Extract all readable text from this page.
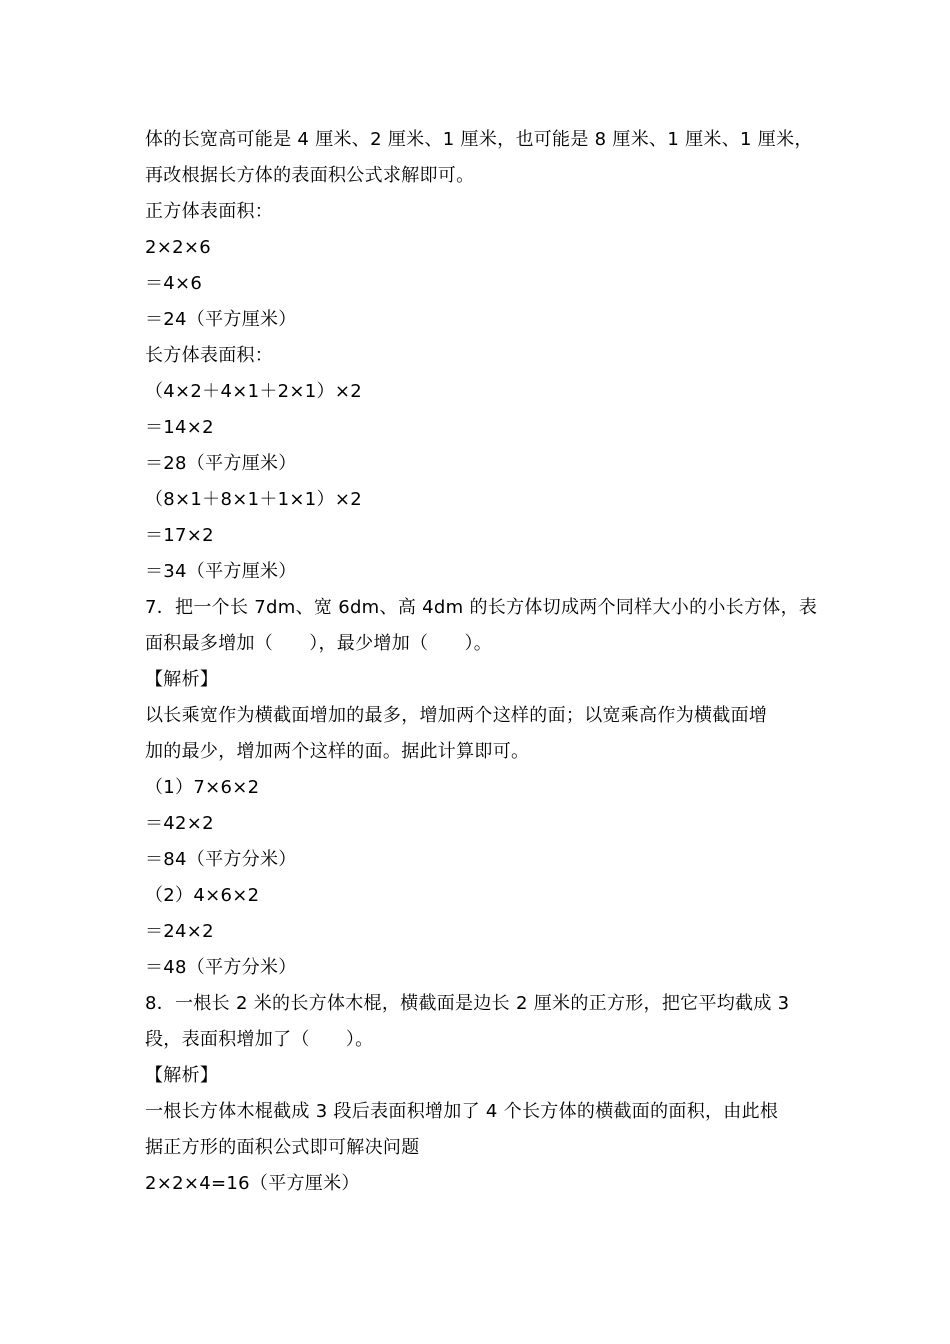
体的长宽高可能是 4 厘米、2 厘米、1 厘米，也可能是 8 厘米、1 厘米、1 厘米，
再改根据长方体的表面积公式求解即可。
正方体表面积：
2×2×6
＝4×6
＝24（平方厘米）
长方体表面积：
（4×2＋4×1＋2×1）×2
＝14×2
＝28（平方厘米）
（8×1＋8×1＋1×1）×2
＝17×2
＝34（平方厘米）
7．把一个长 7dm、宽 6dm、高 4dm 的长方体切成两个同样大小的小长方体，表
面积最多增加（      ），最少增加（      ）。
【解析】
以长乘宽作为横截面增加的最多，增加两个这样的面；以宽乘高作为横截面增
加的最少，增加两个这样的面。据此计算即可。
（1）7×6×2
＝42×2
＝84（平方分米）
（2）4×6×2
＝24×2
＝48（平方分米）
8．一根长 2 米的长方体木棍，横截面是边长 2 厘米的正方形，把它平均截成 3
段，表面积增加了（      ）。
【解析】
一根长方体木棍截成 3 段后表面积增加了 4 个长方体的横截面的面积，由此根
据正方形的面积公式即可解决问题
2×2×4=16（平方厘米）
